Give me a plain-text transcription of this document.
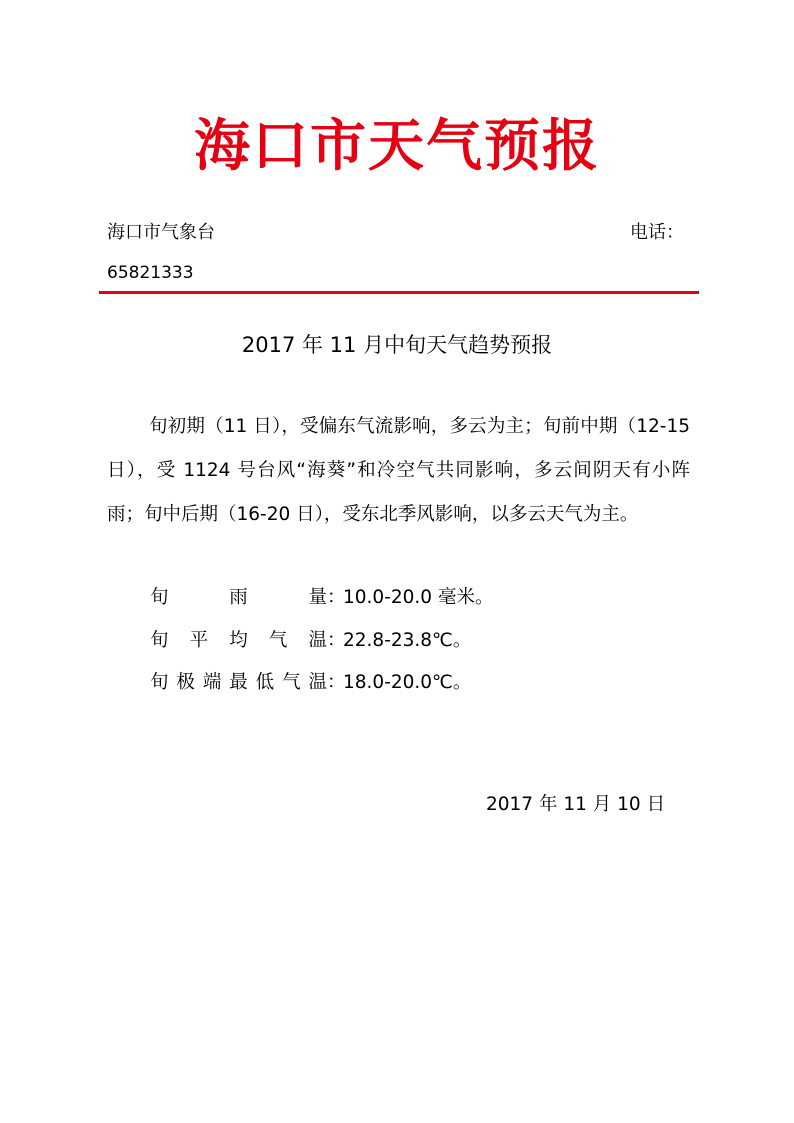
海口市天气预报
海口市气象台	电话：
65821333
2017 年 11 月中旬天气趋势预报
旬初期（11 日），受偏东气流影响，多云为主；旬前中期（12-15 日），受 1124 号台风“海葵”和冷空气共同影响，多云间阴天有小阵雨；旬中后期（16-20 日），受东北季风影响，以多云天气为主。
旬雨量：10.0-20.0 毫米。
旬平均气温：22.8-23.8℃。
旬极端最低气温：18.0-20.0℃。
2017 年 11 月 10 日
